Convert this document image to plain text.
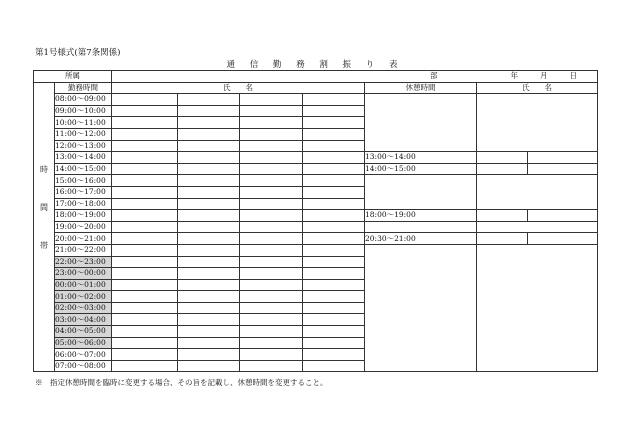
第1号様式(第7条関係)
通 信 勤 務 割 振 り 表
所属		部 年 月 日						

時
間
帯	勤務時間	氏　　名				休憩時間	氏　　名	
	08:00～09:00							
	09:00～10:00							
	10:00～11:00							
	11:00～12:00							
	12:00～13:00							
	13:00～14:00					13:00～14:00		
	14:00～15:00					14:00～15:00		
	15:00～16:00							
	16:00～17:00							
	17:00～18:00							
	18:00～19:00					18:00～19:00		
	19:00～20:00							
	20:00～21:00					20:30～21:00		
	21:00～22:00							
	22:00～23:00							
	23:00～00:00							
	00:00～01:00							
	01:00～02:00							
	02:00～03:00							
	03:00～04:00							
	04:00～05:00							
	05:00～06:00							
	06:00～07:00							
	07:00～08:00							
※　指定休憩時間を臨時に変更する場合、その旨を記載し、休憩時間を変更すること。
